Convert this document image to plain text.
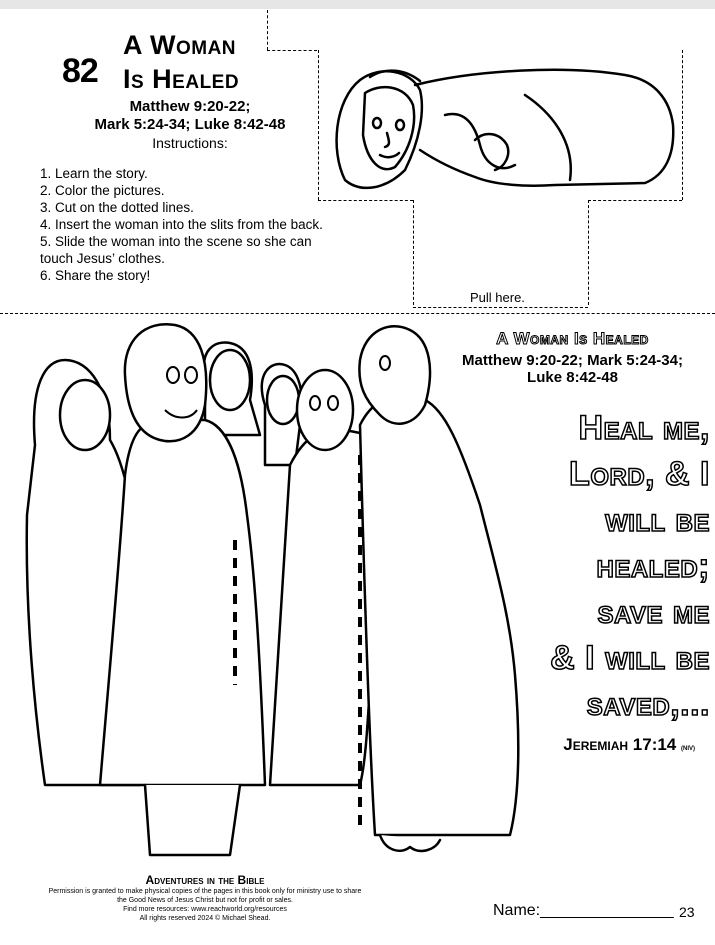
82
A Woman
Is Healed
Matthew 9:20-22;
Mark 5:24-34; Luke 8:42-48
Instructions:

1. Learn the story.

2. Color the pictures.

3. Cut on the dotted lines.

4. Insert the woman into the slits from the back.

5. Slide the woman into the scene so she can

touch Jesus’ clothes.

6. Share the story!

Pull here.
A Woman Is Healed
Matthew 9:20-22; Mark 5:24-34;
Luke 8:42-48
Heal me,
Lord, & I
will be
healed;
save me
& I will be
saved,...
Jeremiah 17:14 (NIV)
Adventures in the Bible
Permission is granted to make physical copies of the pages in this book only for ministry use to share
the Good News of Jesus Christ but not for profit or sales.
Find more resources: www.reachworld.org/resources
All rights reserved 2024 © Michael Shead.	Name:_______________ 23
